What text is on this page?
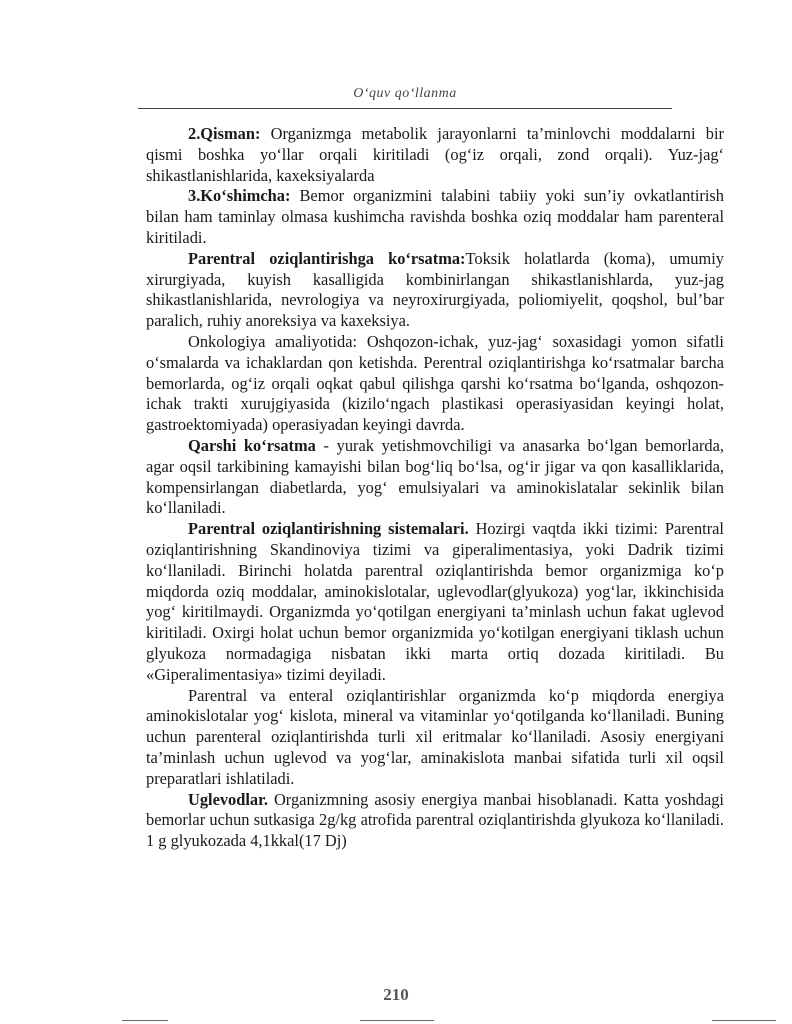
O‘quv qo‘llanma

2.Qisman: Organizmga metabolik jarayonlarni ta’minlovchi moddalarni bir qismi boshka yo‘llar orqali kiritiladi (og‘iz orqali, zond orqali). Yuz-jag‘ shikastlanishlarida, kaxeksiyalarda

3.Ko‘shimcha: Bemor organizmini talabini tabiiy yoki sun’iy ovkatlantirish bilan ham taminlay olmasa kushimcha ravishda boshka oziq moddalar ham parenteral kiritiladi.

Parentral oziqlantirishga ko‘rsatma:Toksik holatlarda (koma), umumiy xirurgiyada, kuyish kasalligida kombinirlangan shikastlanishlarda, yuz-jag shikastlanishlarida, nevrologiya va neyroxirurgiyada, poliomiyelit, qoqshol, bul’bar paralich, ruhiy anoreksiya va kaxeksiya.

Onkologiya amaliyotida: Oshqozon-ichak, yuz-jag‘ soxasidagi yomon sifatli o‘smalarda va ichaklardan qon ketishda. Perentral oziqlantirishga ko‘rsatmalar barcha bemorlarda, og‘iz orqali oqkat qabul qilishga qarshi ko‘rsatma bo‘lganda, oshqozon-ichak trakti xurujgiyasida (kizilo‘ngach plastikasi operasiyasidan keyingi holat, gastroektomiyada) operasiyadan keyingi davrda.

Qarshi ko‘rsatma - yurak yetishmovchiligi va anasarka bo‘lgan bemorlarda, agar oqsil tarkibining kamayishi bilan bog‘liq bo‘lsa, og‘ir jigar va qon kasalliklarida, kompensirlangan diabetlarda, yog‘ emulsiyalari va aminokislatalar sekinlik bilan ko‘llaniladi.

Parentral oziqlantirishning sistemalari. Hozirgi vaqtda ikki tizimi: Parentral oziqlantirishning Skandinoviya tizimi va giperalimentasiya, yoki Dadrik tizimi ko‘llaniladi. Birinchi holatda parentral oziqlantirishda bemor organizmiga ko‘p miqdorda oziq moddalar, aminokislotalar, uglevodlar(glyukoza) yog‘lar, ikkinchisida yog‘ kiritilmaydi. Organizmda yo‘qotilgan energiyani ta’minlash uchun fakat uglevod kiritiladi. Oxirgi holat uchun bemor organizmida yo‘kotilgan energiyani tiklash uchun glyukoza normadagiga nisbatan ikki marta ortiq dozada kiritiladi. Bu «Giperalimentasiya» tizimi deyiladi.

Parentral va enteral oziqlantirishlar organizmda ko‘p miqdorda energiya aminokislotalar yog‘ kislota, mineral va vitaminlar yo‘qotilganda ko‘llaniladi. Buning uchun parenteral oziqlantirishda turli xil eritmalar ko‘llaniladi. Asosiy energiyani ta’minlash uchun uglevod va yog‘lar, aminakislota manbai sifatida turli xil oqsil preparatlari ishlatiladi.

Uglevodlar. Organizmning asosiy energiya manbai hisoblanadi. Katta yoshdagi bemorlar uchun sutkasiga 2g/kg atrofida parentral oziqlantirishda glyukoza ko‘llaniladi. 1 g glyukozada 4,1kkal(17 Dj)

210
